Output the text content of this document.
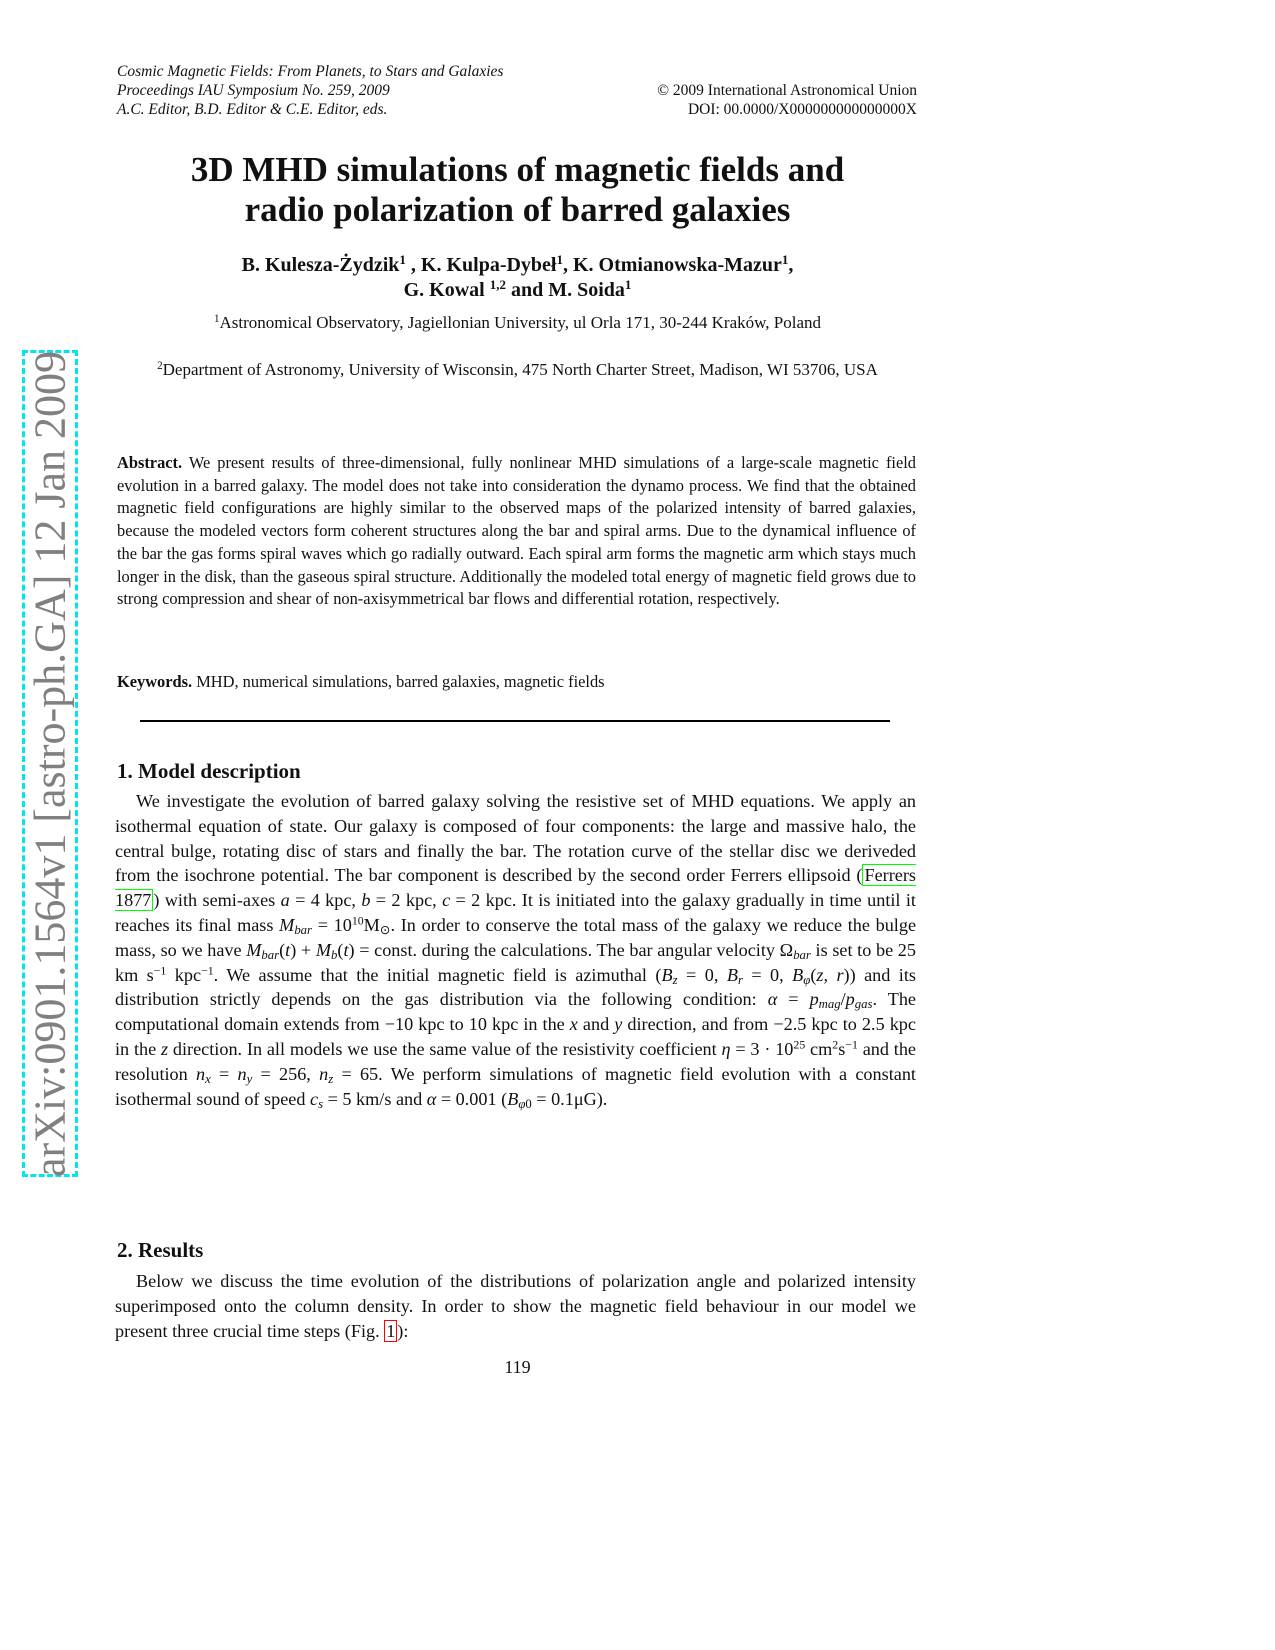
arXiv:0901.1564v1 [astro-ph.GA] 12 Jan 2009
Cosmic Magnetic Fields: From Planets, to Stars and Galaxies
Proceedings IAU Symposium No. 259, 2009	© 2009 International Astronomical Union
A.C. Editor, B.D. Editor & C.E. Editor, eds.	DOI: 00.0000/X000000000000000X
3D MHD simulations of magnetic fields and
radio polarization of barred galaxies
B. Kulesza-Żydzik$^1$ , K. Kulpa-Dybeł$^1$, K. Otmianowska-Mazur$^1$,
G. Kowal $^{1,2}$ and M. Soida$^1$
$^1$Astronomical Observatory, Jagiellonian University, ul Orla 171, 30-244 Kraków, Poland
$^2$Department of Astronomy, University of Wisconsin, 475 North Charter Street, Madison, WI 53706, USA
Abstract. We present results of three-dimensional, fully nonlinear MHD simulations of a large-scale magnetic field evolution in a barred galaxy. The model does not take into consideration the dynamo process. We find that the obtained magnetic field configurations are highly similar to the observed maps of the polarized intensity of barred galaxies, because the modeled vectors form coherent structures along the bar and spiral arms. Due to the dynamical influence of the bar the gas forms spiral waves which go radially outward. Each spiral arm forms the magnetic arm which stays much longer in the disk, than the gaseous spiral structure. Additionally the modeled total energy of magnetic field grows due to strong compression and shear of non-axisymmetrical bar flows and differential rotation, respectively.
Keywords. MHD, numerical simulations, barred galaxies, magnetic fields
1. Model description

We investigate the evolution of barred galaxy solving the resistive set of MHD equations. We apply an isothermal equation of state. Our galaxy is composed of four components: the large and massive halo, the central bulge, rotating disc of stars and finally the bar. The rotation curve of the stellar disc we deriveded from the isochrone potential. The bar component is described by the second order Ferrers ellipsoid ( Ferrers 1877 ) with semi-axes a = 4 kpc, b = 2 kpc, c = 2 kpc. It is initiated into the galaxy gradually in time until it reaches its final mass $M_{bar} = 10^{10}M_⊙$. In order to conserve the total mass of the galaxy we reduce the bulge mass, so we have $M_{bar}(t) + M_b(t)$ = const. during the calculations. The bar angular velocity $\Omega_{bar}$ is set to be 25 km $s^{-1}$ kpc$^{-1}$. We assume that the initial magnetic field is azimuthal ($B_z = 0$, $B_r = 0$, $B_\varphi(z$, r)) and its distribution strictly depends on the gas distribution via the following condition: $\alpha = p_{mag}/p_{gas}$. The computational domain extends from −10 kpc to 10 kpc in the x and y direction, and from −2.5 kpc to 2.5 kpc in the z direction. In all models we use the same value of the resistivity coefficient $\eta = 3 \cdot 10^{25}$ $cm^2s^{-1}$ and the resolution $n_x = n_y = 256$, $n_z = 65$. We perform simulations of magnetic field evolution with a constant isothermal sound of speed $c_s = 5$ km/s and α = 0.001 $(B_{\varphi 0} = 0.1\mu G)$.

2. Results

Below we discuss the time evolution of the distributions of polarization angle and polarized intensity superimposed onto the column density. In order to show the magnetic field behaviour in our model we present three crucial time steps (Fig. 1 ):

119
